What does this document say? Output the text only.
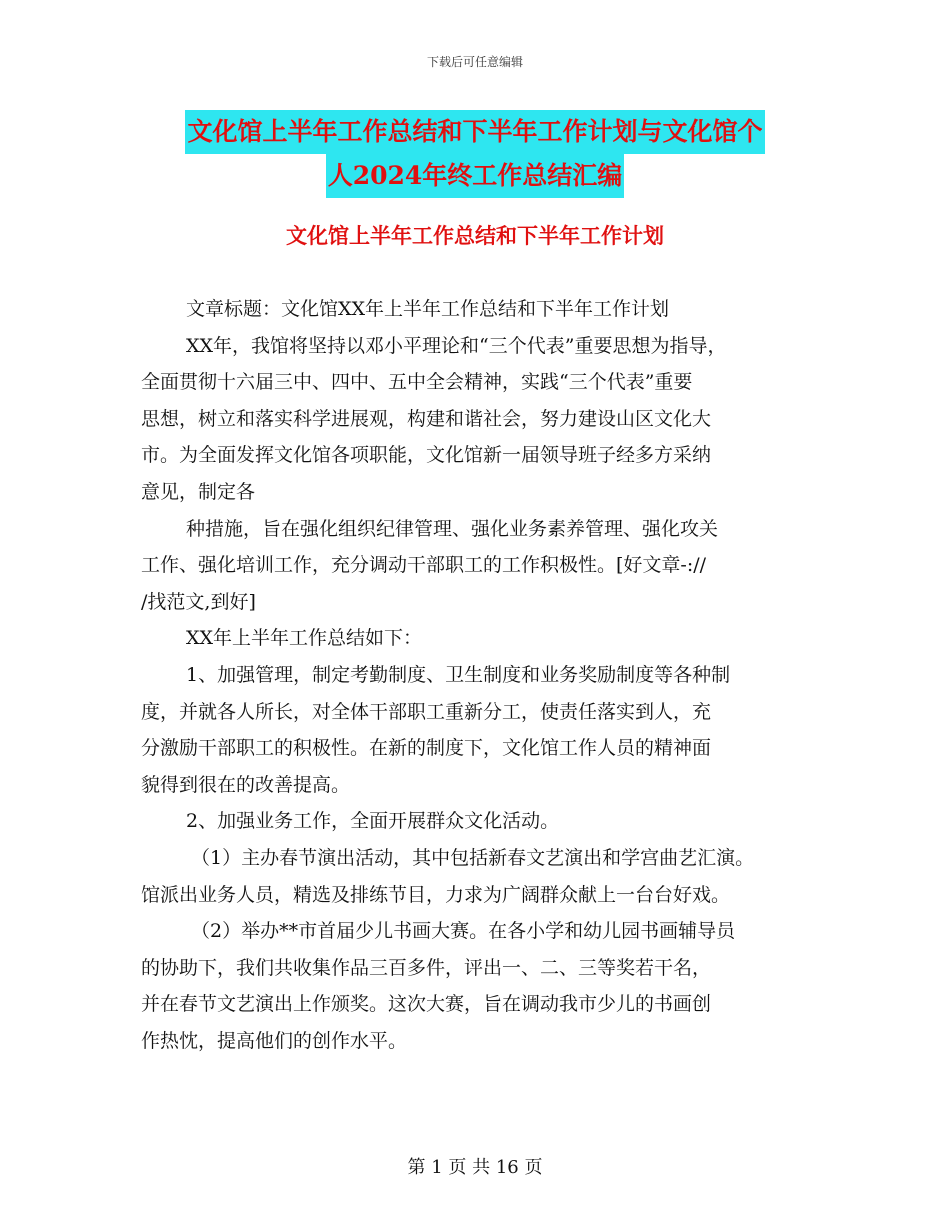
下载后可任意编辑
文化馆上半年工作总结和下半年工作计划与文化馆个
人2024年终工作总结汇编
文化馆上半年工作总结和下半年工作计划

文章标题：文化馆XX年上半年工作总结和下半年工作计划

XX年，我馆将坚持以邓小平理论和“三个代表”重要思想为指导，

全面贯彻十六届三中、四中、五中全会精神，实践“三个代表”重要

思想，树立和落实科学进展观，构建和谐社会，努力建设山区文化大

市。为全面发挥文化馆各项职能，文化馆新一届领导班子经多方采纳

意见，制定各

种措施，旨在强化组织纪律管理、强化业务素养管理、强化攻关

工作、强化培训工作，充分调动干部职工的工作积极性。[好文章-://

/找范文,到好]

XX年上半年工作总结如下：

1、加强管理，制定考勤制度、卫生制度和业务奖励制度等各种制

度，并就各人所长，对全体干部职工重新分工，使责任落实到人，充

分激励干部职工的积极性。在新的制度下，文化馆工作人员的精神面

貌得到很在的改善提高。

2、加强业务工作，全面开展群众文化活动。

（1）主办春节演出活动，其中包括新春文艺演出和学宫曲艺汇演。

馆派出业务人员，精选及排练节目，力求为广阔群众献上一台台好戏。

（2）举办**市首届少儿书画大赛。在各小学和幼儿园书画辅导员

的协助下，我们共收集作品三百多件，评出一、二、三等奖若干名，

并在春节文艺演出上作颁奖。这次大赛，旨在调动我市少儿的书画创

作热忱，提高他们的创作水平。

第 1 页 共 16 页
